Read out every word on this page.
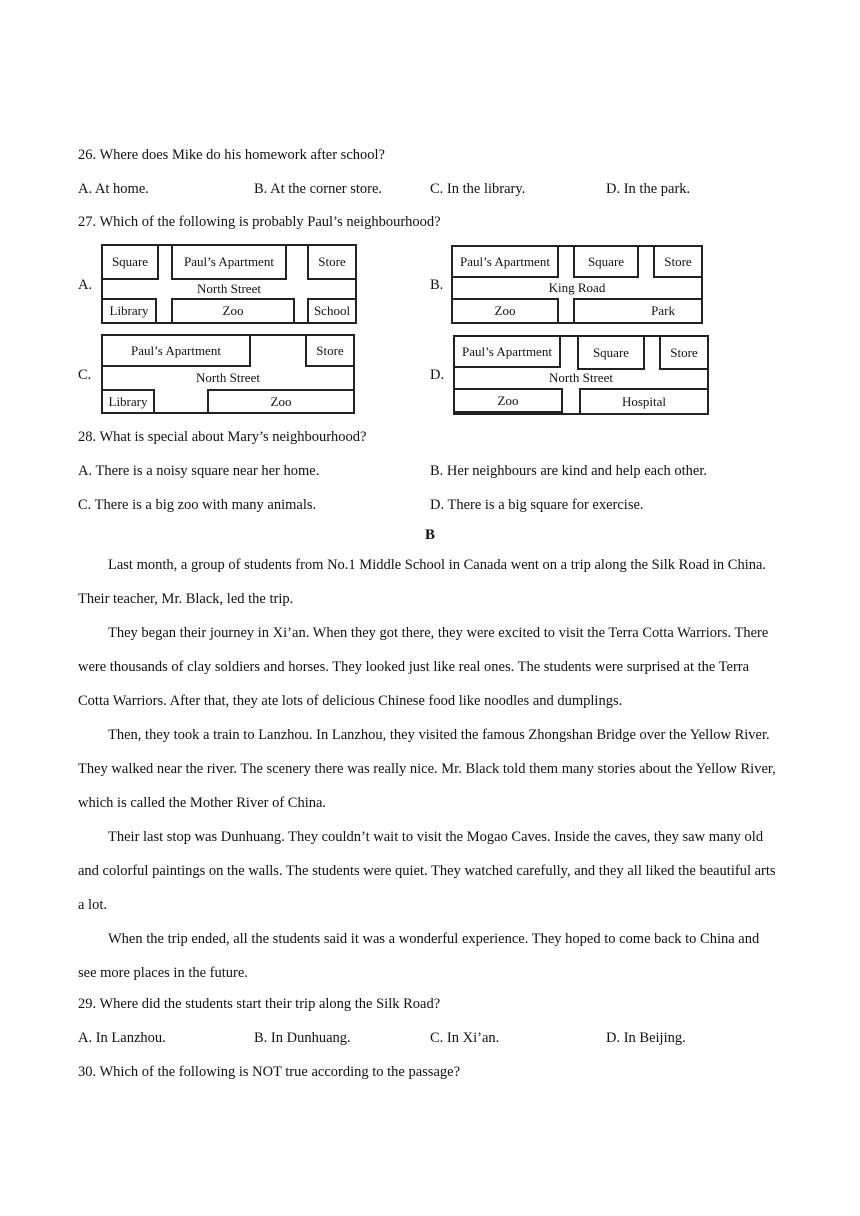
26. Where does Mike do his homework after school?
A. At home.	B. At the corner store.	C. In the library.	D. In the park.
27. Which of the following is probably Paul’s neighbourhood?
A.
Square	Paul’s Apartment	Store
North Street
Library	Zoo	School
B.
Paul’s Apartment	Square	Store
King Road
Zoo	Park
C.
Paul’s Apartment	Store
North Street
Library	Zoo
D.
Paul’s Apartment	Square	Store
North Street
Zoo	Hospital
28. What is special about Mary’s neighbourhood?
A. There is a noisy square near her home.	B. Her neighbours are kind and help each other.
C. There is a big zoo with many animals.	D. There is a big square for exercise.
B

Last month, a group of students from No.1 Middle School in Canada went on a trip along the Silk Road in China. Their teacher, Mr. Black, led the trip.

They began their journey in Xi’an. When they got there, they were excited to visit the Terra Cotta Warriors. There were thousands of clay soldiers and horses. They looked just like real ones. The students were surprised at the Terra Cotta Warriors. After that, they ate lots of delicious Chinese food like noodles and dumplings.

Then, they took a train to Lanzhou. In Lanzhou, they visited the famous Zhongshan Bridge over the Yellow River. They walked near the river. The scenery there was really nice. Mr. Black told them many stories about the Yellow River, which is called the Mother River of China.

Their last stop was Dunhuang. They couldn’t wait to visit the Mogao Caves. Inside the caves, they saw many old and colorful paintings on the walls. The students were quiet. They watched carefully, and they all liked the beautiful arts a lot.

When the trip ended, all the students said it was a wonderful experience. They hoped to come back to China and see more places in the future.

29. Where did the students start their trip along the Silk Road?
A. In Lanzhou.	B. In Dunhuang.	C. In Xi’an.	D. In Beijing.
30. Which of the following is NOT true according to the passage?
